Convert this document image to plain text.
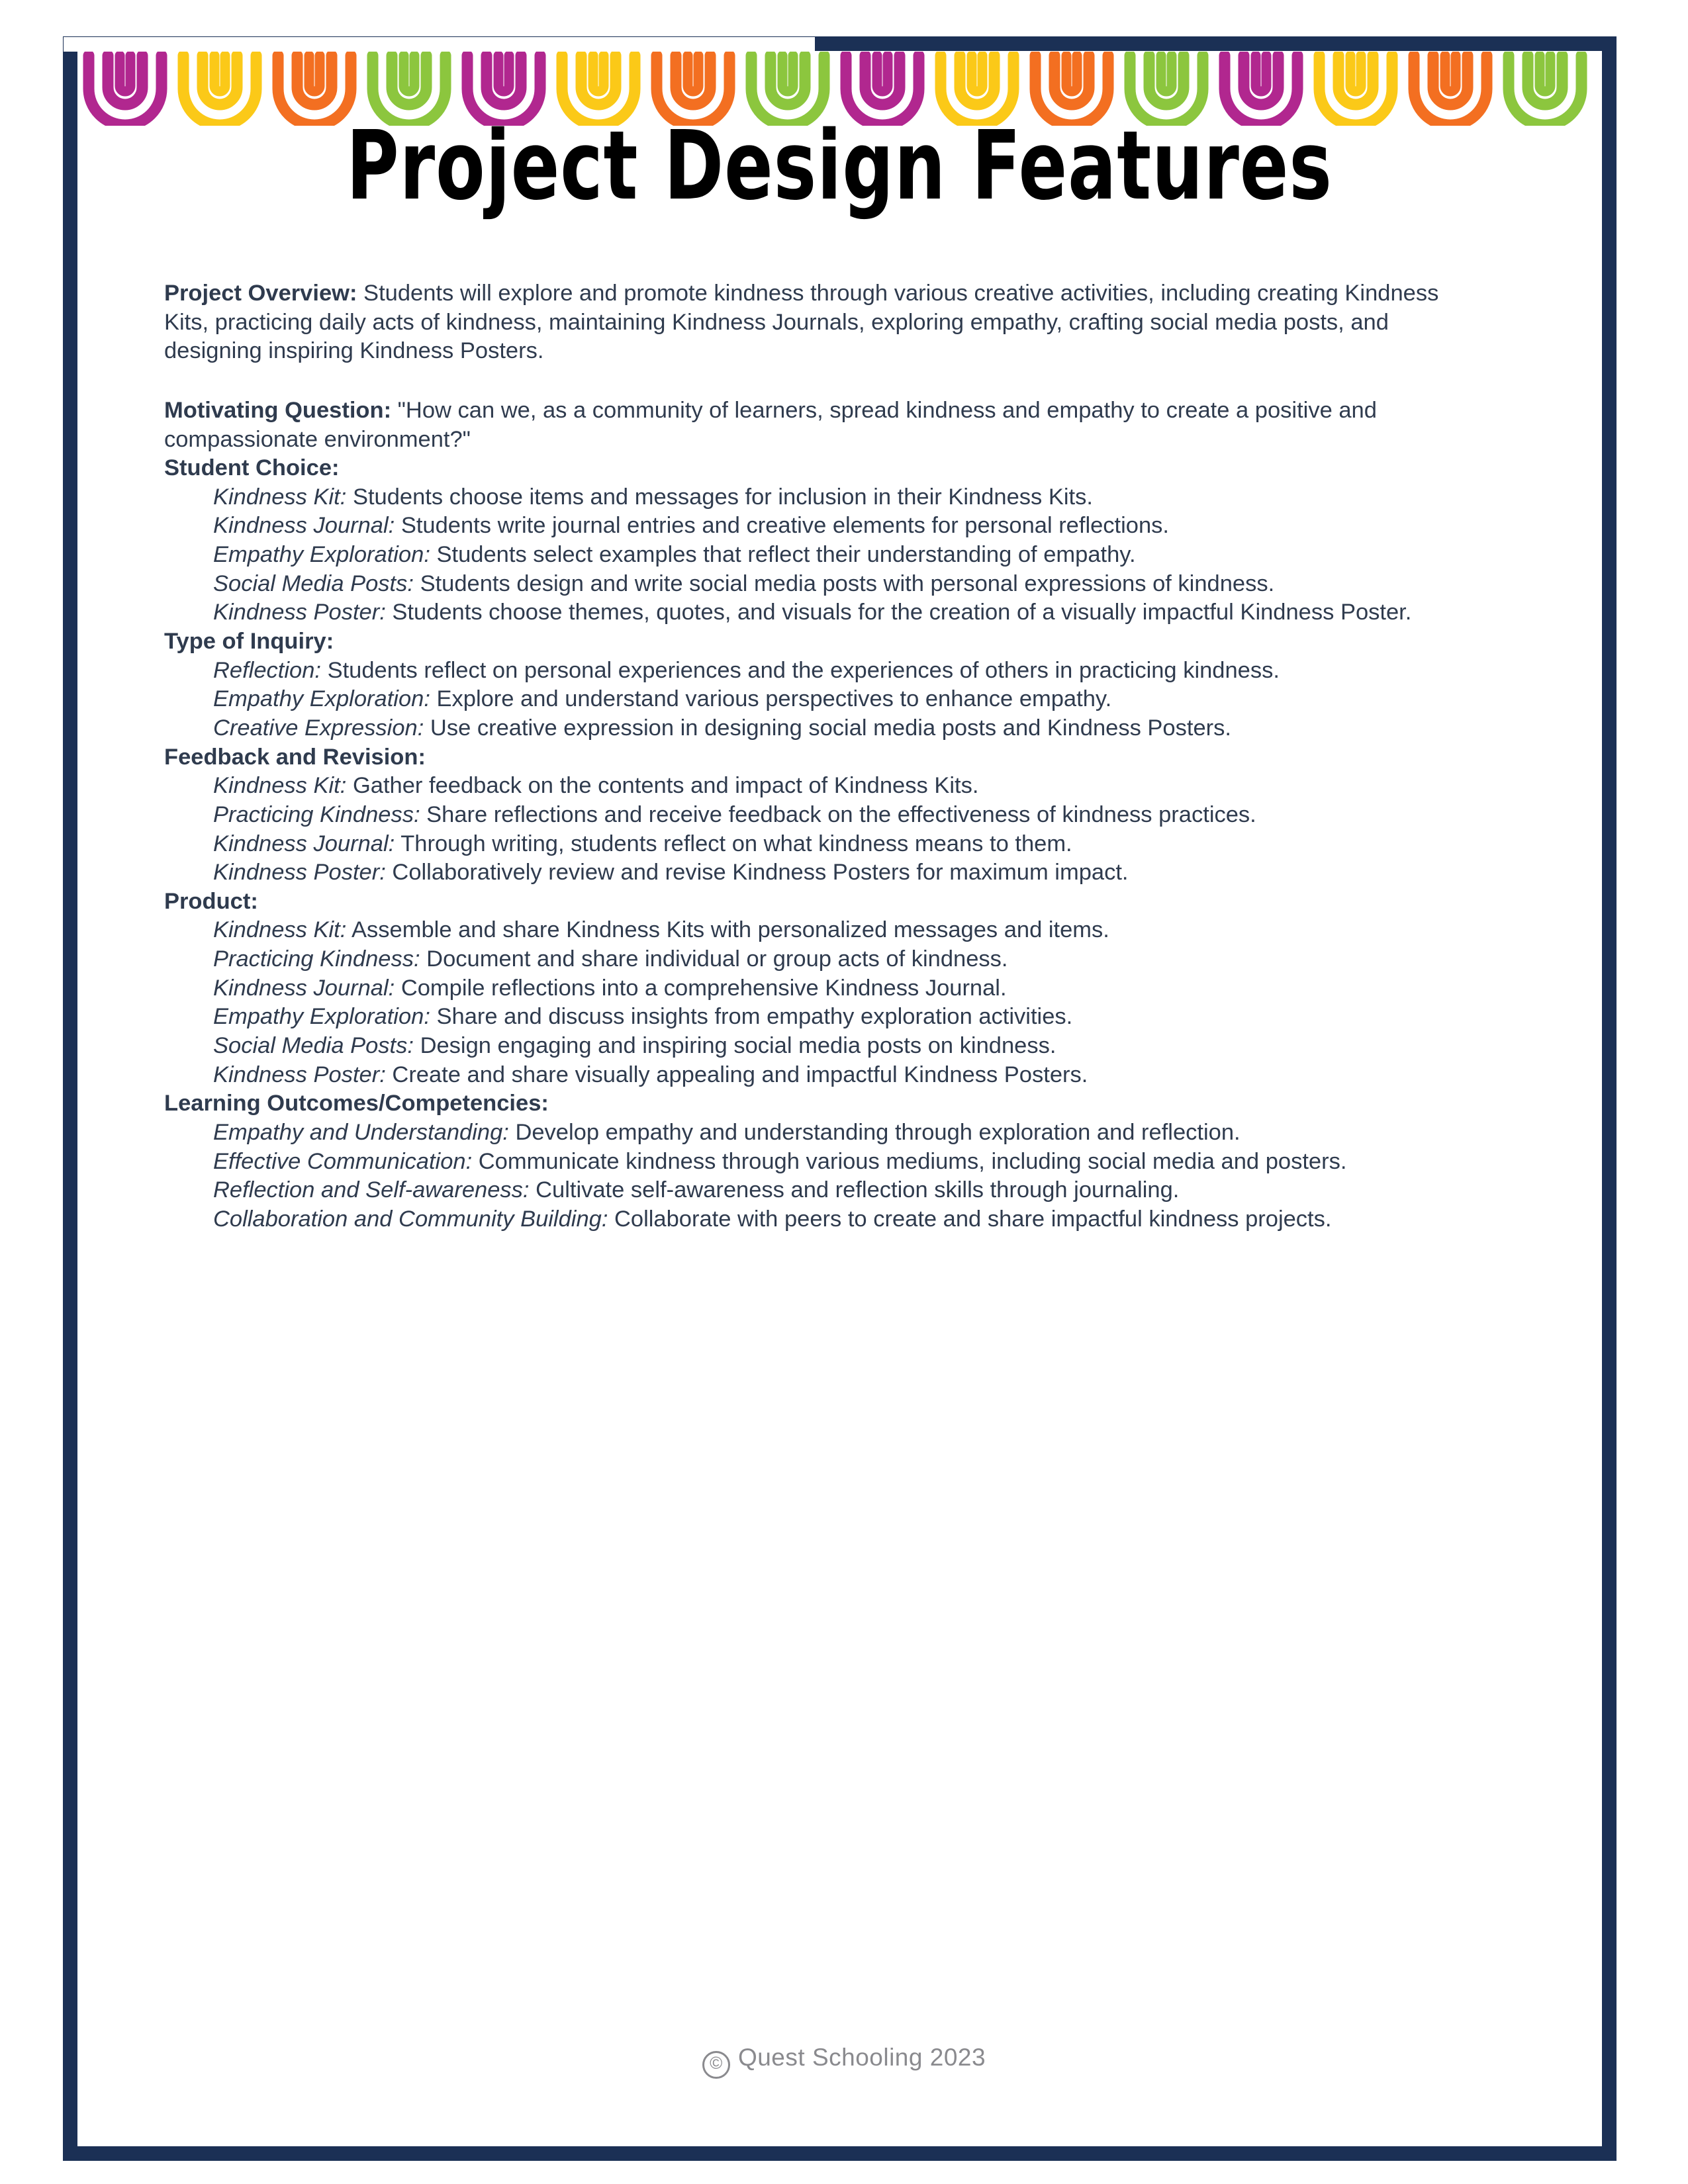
Project Design Features

Project Overview: Students will explore and promote kindness through various creative activities, including creating Kindness Kits, practicing daily acts of kindness, maintaining Kindness Journals, exploring empathy, crafting social media posts, and designing inspiring Kindness Posters.

Motivating Question: "How can we, as a community of learners, spread kindness and empathy to create a positive and compassionate environment?"

Student Choice:

Kindness Kit: Students choose items and messages for inclusion in their Kindness Kits.

Kindness Journal: Students write journal entries and creative elements for personal reflections.

Empathy Exploration: Students select examples that reflect their understanding of empathy.

Social Media Posts: Students design and write social media posts with personal expressions of kindness.

Kindness Poster: Students choose themes, quotes, and visuals for the creation of a visually impactful Kindness Poster.

Type of Inquiry:

Reflection: Students reflect on personal experiences and the experiences of others in practicing kindness.

Empathy Exploration: Explore and understand various perspectives to enhance empathy.

Creative Expression: Use creative expression in designing social media posts and Kindness Posters.

Feedback and Revision:

Kindness Kit: Gather feedback on the contents and impact of Kindness Kits.

Practicing Kindness: Share reflections and receive feedback on the effectiveness of kindness practices.

Kindness Journal: Through writing, students reflect on what kindness means to them.

Kindness Poster: Collaboratively review and revise Kindness Posters for maximum impact.

Product:

Kindness Kit: Assemble and share Kindness Kits with personalized messages and items.

Practicing Kindness: Document and share individual or group acts of kindness.

Kindness Journal: Compile reflections into a comprehensive Kindness Journal.

Empathy Exploration: Share and discuss insights from empathy exploration activities.

Social Media Posts: Design engaging and inspiring social media posts on kindness.

Kindness Poster: Create and share visually appealing and impactful Kindness Posters.

Learning Outcomes/Competencies:

Empathy and Understanding: Develop empathy and understanding through exploration and reflection.

Effective Communication: Communicate kindness through various mediums, including social media and posters.

Reflection and Self-awareness: Cultivate self-awareness and reflection skills through journaling.

Collaboration and Community Building: Collaborate with peers to create and share impactful kindness projects.

© Quest Schooling 2023
